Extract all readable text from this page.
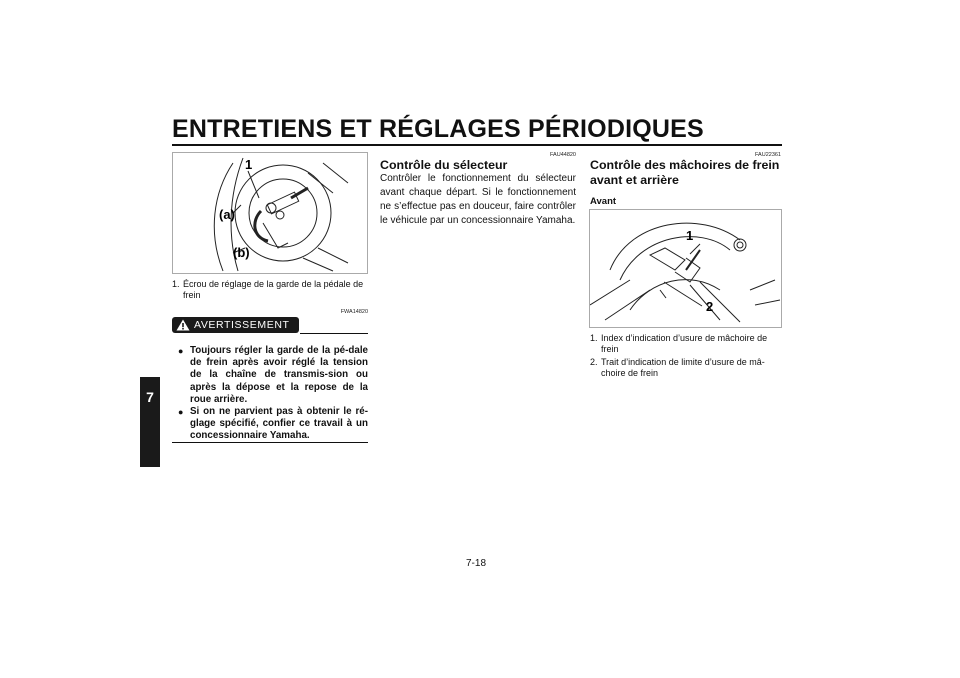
ENTRETIENS ET RÉGLAGES PÉRIODIQUES
7
1
(a)
(b)
1. Écrou de réglage de la garde de la pédale de frein
FWA14820
AVERTISSEMENT
● Toujours régler la garde de la pé-dale de frein après avoir réglé la tension de la chaîne de transmis-sion ou après la dépose et la repose de la roue arrière.
● Si on ne parvient pas à obtenir le ré-glage spécifié, confier ce travail à un concessionnaire Yamaha.
FAU44820
Contrôle du sélecteur
Contrôler le fonctionnement du sélecteur avant chaque départ. Si le fonctionnement ne s’effectue pas en douceur, faire contrôler le véhicule par un concessionnaire Yamaha.
FAU22361
Contrôle des mâchoires de frein
avant et arrière
Avant
1
2
1. Index d’indication d’usure de mâchoire de frein
2. Trait d’indication de limite d’usure de mâ-choire de frein
7-18
